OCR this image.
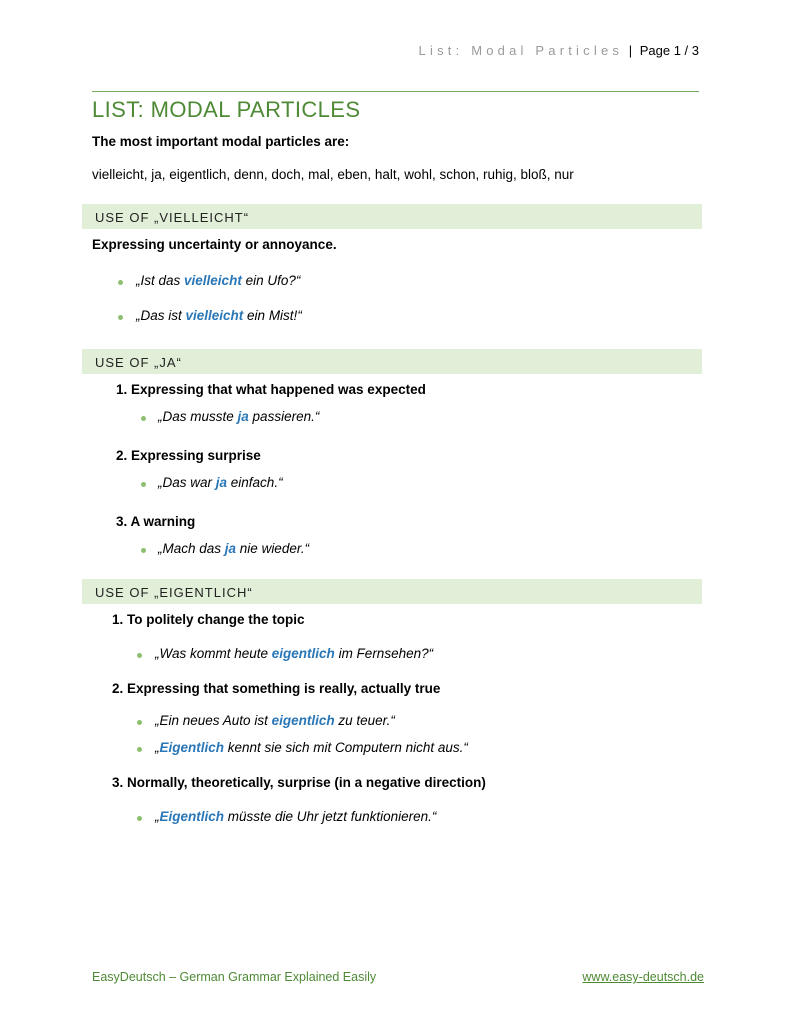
List: Modal Particles | Page 1 / 3
LIST: MODAL PARTICLES
The most important modal particles are:
vielleicht, ja, eigentlich, denn, doch, mal, eben, halt, wohl, schon, ruhig, bloß, nur
USE OF „VIELLEICHT“
Expressing uncertainty or annoyance.
„Ist das vielleicht ein Ufo?“
„Das ist vielleicht ein Mist!“
USE OF „JA“
1. Expressing that what happened was expected
„Das musste ja passieren.“
2. Expressing surprise
„Das war ja einfach.“
3. A warning
„Mach das ja nie wieder.“
USE OF „EIGENTLICH“
1. To politely change the topic
„Was kommt heute eigentlich im Fernsehen?“
2. Expressing that something is really, actually true
„Ein neues Auto ist eigentlich zu teuer.“
„Eigentlich kennt sie sich mit Computern nicht aus.“
3. Normally, theoretically, surprise (in a negative direction)
„Eigentlich müsste die Uhr jetzt funktionieren.“
EasyDeutsch – German Grammar Explained Easily	www.easy-deutsch.de
